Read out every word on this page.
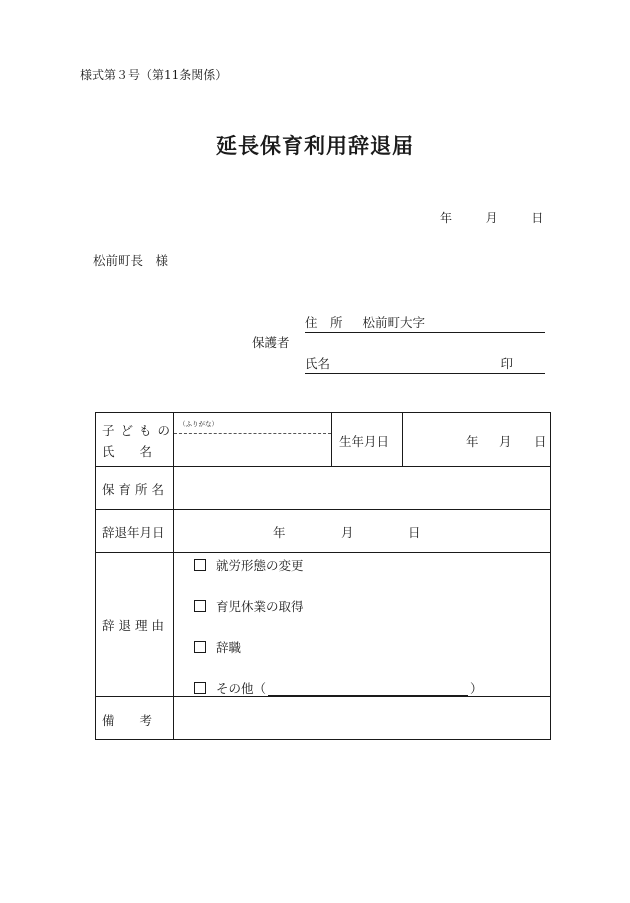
様式第３号（第11条関係）
延長保育利用辞退届
年	月	日
松前町長　様
保護者
住　所 松前町大字
氏名	印
子どもの
氏　　名
（ふりがな）
生年月日	年 月 日
保育所名
辞退年月日	年	月	日
辞退理由
就労形態の変更
育児休業の取得
辞職
その他（	）
備　　考
